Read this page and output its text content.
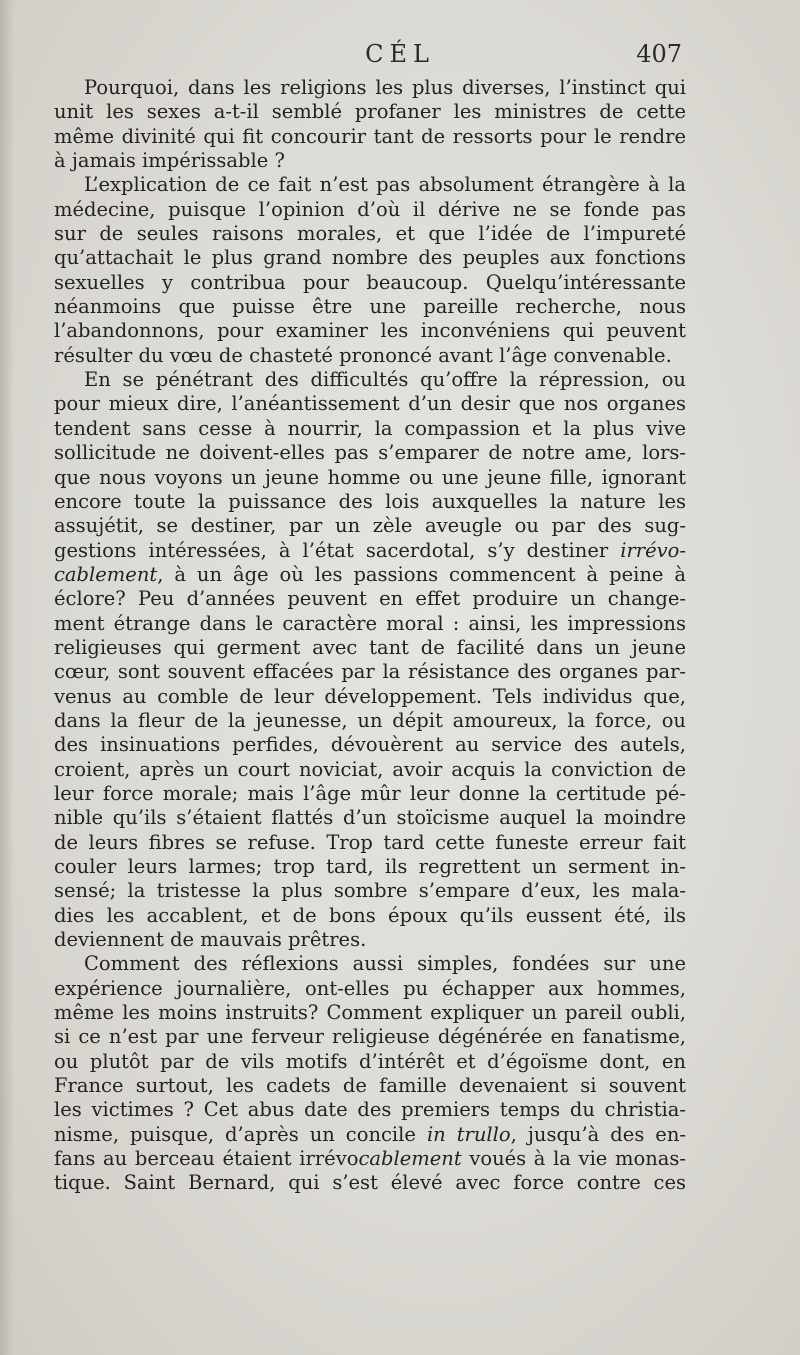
CÉL	407
Pourquoi, dans les religions les plus diverses, l’instinct qui
unit les sexes a-t-il semblé profaner les ministres de cette
même divinité qui fit concourir tant de ressorts pour le rendre
à jamais impérissable ?
L’explication de ce fait n’est pas absolument étrangère à la
médecine, puisque l’opinion d’où il dérive ne se fonde pas
sur de seules raisons morales, et que l’idée de l’impureté
qu’attachait le plus grand nombre des peuples aux fonctions
sexuelles y contribua pour beaucoup. Quelqu’intéressante
néanmoins que puisse être une pareille recherche, nous
l’abandonnons, pour examiner les inconvéniens qui peuvent
résulter du vœu de chasteté prononcé avant l’âge convenable.
En se pénétrant des difficultés qu’offre la répression, ou
pour mieux dire, l’anéantissement d’un desir que nos organes
tendent sans cesse à nourrir, la compassion et la plus vive
sollicitude ne doivent-elles pas s’emparer de notre ame, lors-
que nous voyons un jeune homme ou une jeune fille, ignorant
encore toute la puissance des lois auxquelles la nature les
assujétit, se destiner, par un zèle aveugle ou par des sug-
gestions intéressées, à l’état sacerdotal, s’y destiner irrévo-
cablement, à un âge où les passions commencent à peine à
éclore? Peu d’années peuvent en effet produire un change-
ment étrange dans le caractère moral : ainsi, les impressions
religieuses qui germent avec tant de facilité dans un jeune
cœur, sont souvent effacées par la résistance des organes par-
venus au comble de leur développement. Tels individus que,
dans la fleur de la jeunesse, un dépit amoureux, la force, ou
des insinuations perfides, dévouèrent au service des autels,
croient, après un court noviciat, avoir acquis la conviction de
leur force morale; mais l’âge mûr leur donne la certitude pé-
nible qu’ils s’étaient flattés d’un stoïcisme auquel la moindre
de leurs fibres se refuse. Trop tard cette funeste erreur fait
couler leurs larmes; trop tard, ils regrettent un serment in-
sensé; la tristesse la plus sombre s’empare d’eux, les mala-
dies les accablent, et de bons époux qu’ils eussent été, ils
deviennent de mauvais prêtres.
Comment des réflexions aussi simples, fondées sur une
expérience journalière, ont-elles pu échapper aux hommes,
même les moins instruits? Comment expliquer un pareil oubli,
si ce n’est par une ferveur religieuse dégénérée en fanatisme,
ou plutôt par de vils motifs d’intérêt et d’égoïsme dont, en
France surtout, les cadets de famille devenaient si souvent
les victimes ? Cet abus date des premiers temps du christia-
nisme, puisque, d’après un concile in trullo, jusqu’à des en-
fans au berceau étaient irrévocablement voués à la vie monas-
tique. Saint Bernard, qui s’est élevé avec force contre ces
